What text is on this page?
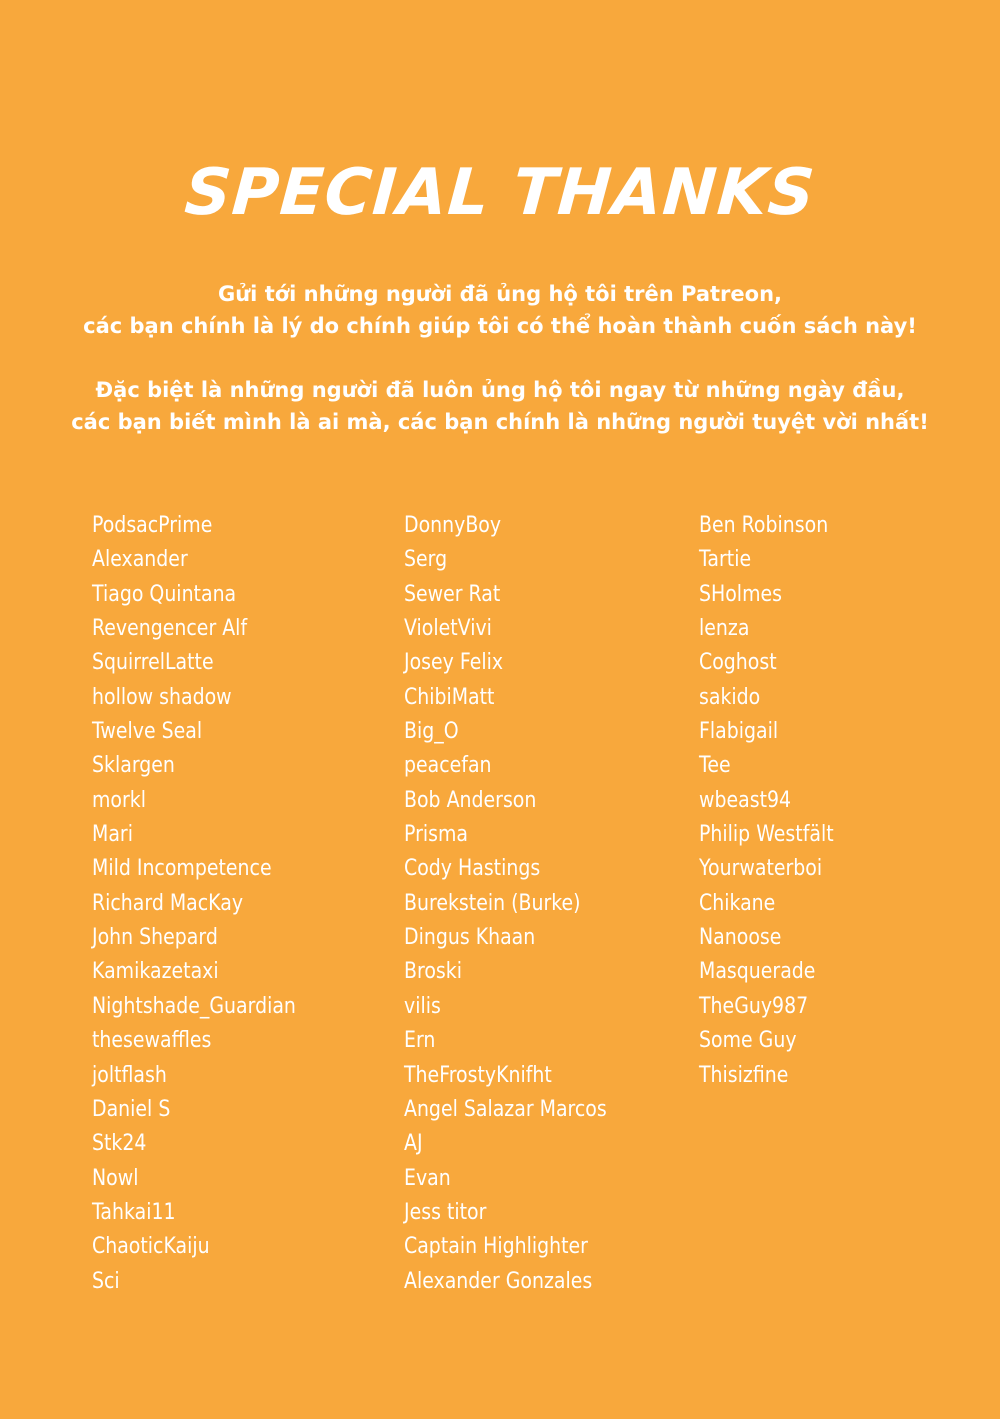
SPECIAL THANKS

Gửi tới những người đã ủng hộ tôi trên Patreon,

các bạn chính là lý do chính giúp tôi có thể hoàn thành cuốn sách này!

Đặc biệt là những người đã luôn ủng hộ tôi ngay từ những ngày đầu,

các bạn biết mình là ai mà, các bạn chính là những người tuyệt vời nhất!

PodsacPrime
Alexander
Tiago Quintana
Revengencer Alf
SquirrelLatte
hollow shadow
Twelve Seal
Sklargen
morkl
Mari
Mild Incompetence
Richard MacKay
John Shepard
Kamikazetaxi
Nightshade_Guardian
thesewaffles
joltflash
Daniel S
Stk24
Nowl
Tahkai11
ChaoticKaiju
Sci
DonnyBoy
Serg
Sewer Rat
VioletVivi
Josey Felix
ChibiMatt
Big_O
peacefan
Bob Anderson
Prisma
Cody Hastings
Burekstein (Burke)
Dingus Khaan
Broski
vilis
Ern
TheFrostyKnifht
Angel Salazar Marcos
AJ
Evan
Jess titor
Captain Highlighter
Alexander Gonzales
Ben Robinson
Tartie
SHolmes
lenza
Coghost
sakido
Flabigail
Tee
wbeast94
Philip Westfält
Yourwaterboi
Chikane
Nanoose
Masquerade
TheGuy987
Some Guy
Thisizfine
